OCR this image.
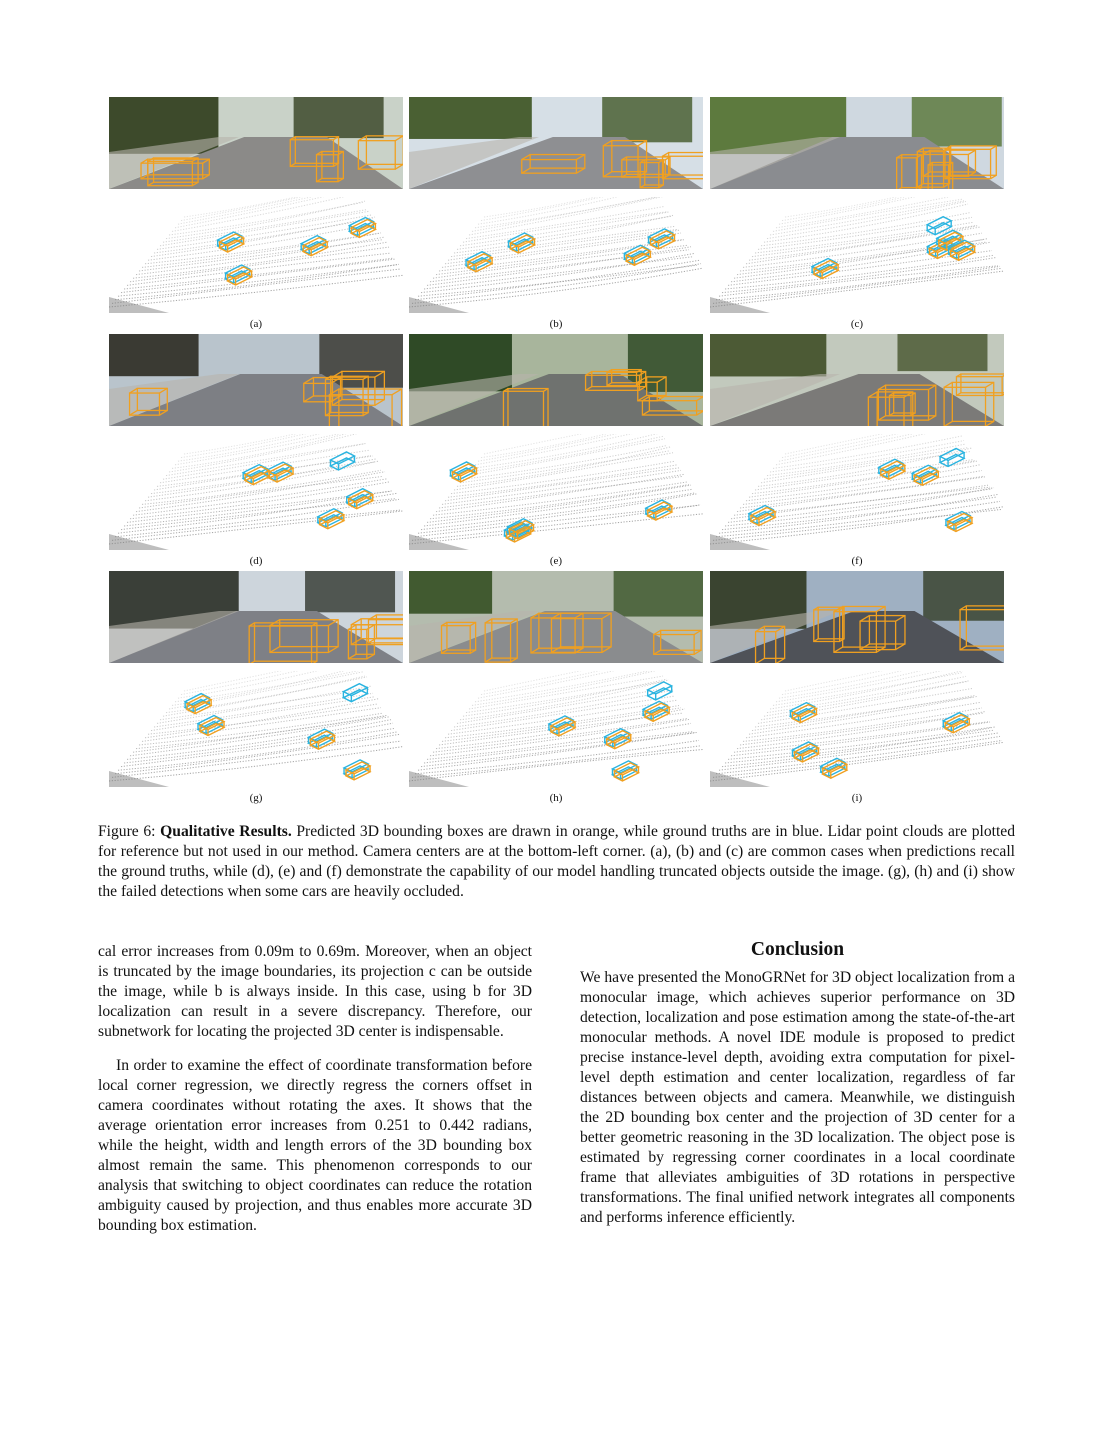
(a)	(b)	(c)
(d)	(e)	(f)
(g)	(h)	(i)
Figure 6: Qualitative Results. Predicted 3D bounding boxes are drawn in orange, while ground truths are in blue. Lidar point clouds are plotted for reference but not used in our method. Camera centers are at the bottom-left corner. (a), (b) and (c) are common cases when predictions recall the ground truths, while (d), (e) and (f) demonstrate the capability of our model handling truncated objects outside the image. (g), (h) and (i) show the failed detections when some cars are heavily occluded.

cal error increases from 0.09m to 0.69m. Moreover, when an object is truncated by the image boundaries, its projection c can be outside the image, while b is always inside. In this case, using b for 3D localization can result in a severe discrepancy. Therefore, our subnetwork for locating the projected 3D center is indispensable.

In order to examine the effect of coordinate transformation before local corner regression, we directly regress the corners offset in camera coordinates without rotating the axes. It shows that the average orientation error increases from 0.251 to 0.442 radians, while the height, width and length errors of the 3D bounding box almost remain the same. This phenomenon corresponds to our analysis that switching to object coordinates can reduce the rotation ambiguity caused by projection, and thus enables more accurate 3D bounding box estimation.

Conclusion

We have presented the MonoGRNet for 3D object localization from a monocular image, which achieves superior performance on 3D detection, localization and pose estimation among the state-of-the-art monocular methods. A novel IDE module is proposed to predict precise instance-level depth, avoiding extra computation for pixel-level depth estimation and center localization, regardless of far distances between objects and camera. Meanwhile, we distinguish the 2D bounding box center and the projection of 3D center for a better geometric reasoning in the 3D localization. The object pose is estimated by regressing corner coordinates in a local coordinate frame that alleviates ambiguities of 3D rotations in perspective transformations. The final unified network integrates all components and performs inference efficiently.
